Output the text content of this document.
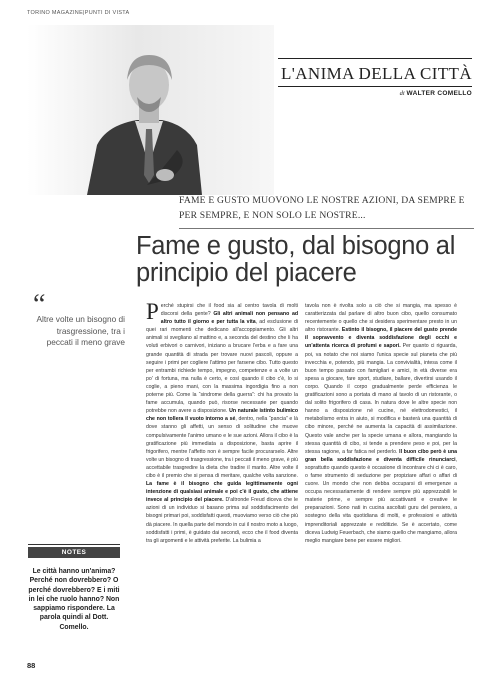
TORINO MAGAZINE|PUNTI DI VISTA
L'ANIMA DELLA CITTÀ
di WALTER COMELLO
FAME E GUSTO MUOVONO LE NOSTRE AZIONI, DA SEMPRE E PER SEMPRE, E NON SOLO LE NOSTRE...
Fame e gusto, dal bisogno al principio del piacere
“
Altre volte un bisogno di trasgressione, tra i peccati il meno grave
NOTES
Le città hanno un'anima? Perché non dovrebbero? O perché dovrebbero? E i miti in lei che ruolo hanno? Non sappiamo rispondere. La parola quindi al Dott. Comello.
P erché stupirsi che il food sia al centro tavola di molti discorsi della gente? Gli altri animali non pensano ad altro tutto il giorno e per tutta la vita, ad esclusione di quei rari momenti che dedicano all'accoppiamento. Gli altri animali si svegliano al mattino e, a seconda del destino che li ha voluti erbivori o carnivori, iniziano a brucare l'erba e a fare una grande quantità di strada per trovare nuovi pascoli, oppure a seguire i primi per cogliere l'attimo per farsene cibo. Tutto questo per entrambi richiede tempo, impegno, competenze e a volte un po' di fortuna, ma nulla è certo, e così quando il cibo c'è, lo si coglie, a pieno mani, con la massima ingordigia fino a non poterne più. Come la “sindrome della guerra”: chi ha provato la fame accumula, quando può, risorse necessarie per quando potrebbe non avere a disposizione. Un naturale istinto bulimico che non tollera il vuoto intorno a sé, dentro, nella “pancia” e là dove stanno gli affetti, un senso di solitudine che muove compulsivamente l'animo umano e le sue azioni. Allora il cibo è la gratificazione più immediata a disposizione, basta aprire il frigorifero, mentre l'affetto non è sempre facile procurarselo. Altre volte un bisogno di trasgressione, tra i peccati il meno grave, è più accettabile trasgredire la dieta che tradire il marito. Altre volte il cibo è il premio che si pensa di meritare, qualche volta sanzione. La fame è il bisogno che guida legittimamente ogni intenzione di qualsiasi animale e poi c'è il gusto, che attiene invece al principio del piacere. D'altronde Freud diceva che le azioni di un individuo si basano prima sul soddisfacimento dei bisogni primari poi, soddisfatti questi, muoviamo verso ciò che più dà piacere. In quella parte del mondo in cui il nostro moto a luogo, soddisfatti i primi, è guidato dai secondi, ecco che il food diventa tra gli argomenti e le attività preferite. La bulimia a
tavola non è rivolta solo a ciò che si mangia, ma spesso è caratterizzata dal parlare di altro buon cibo, quello consumato recentemente o quello che si desidera sperimentare presto in un altro ristorante. Estinto il bisogno, il piacere del gusto prende il sopravvento e diventa soddisfazione degli occhi e un'attenta ricerca di profumi e sapori. Per quanto ci riguarda, poi, va notato che noi siamo l'unica specie sul pianeta che più invecchia e, potendo, più mangia. La convivialità, intesa come il buon tempo passato con famigliari e amici, in età diverse era spesa a giocare, fare sport, studiare, ballare, divertirsi usando il corpo. Quando il corpo gradualmente perde efficienza le gratificazioni sono a portata di mano al tavolo di un ristorante, o dal solito frigorifero di casa. In natura dove le altre specie non hanno a disposizione né cucine, né elettrodomestici, il metabolismo entra in aiuto, si modifica e basterà una quantità di cibo minore, perché ne aumenta la capacità di assimilazione. Questo vale anche per la specie umana e allora, mangiando la stessa quantità di cibo, si tende a prendere peso e poi, per la stessa ragione, a far fatica nel perderlo. Il buon cibo però è una gran bella soddisfazione e diventa difficile rinunciarci, soprattutto quando questo è occasione di incontrare chi ci è caro, o fame strumento di seduzione per propiziare affari o affari di cuore. Un mondo che non debba occuparsi di emergenze a occupa necessariamente di rendere sempre più apprezzabili le materie prime, e sempre più accattivanti e creative le preparazioni. Sono nati in cucina ascoltati guru del pensiero, a sostegno della vita quotidiana di molti, e professioni e attività imprenditoriali apprezzate e redditizie. Se è accertato, come diceva Ludwig Feuerbach, che siamo quello che mangiamo, allora meglio mangiare bene per essere migliori.
88
